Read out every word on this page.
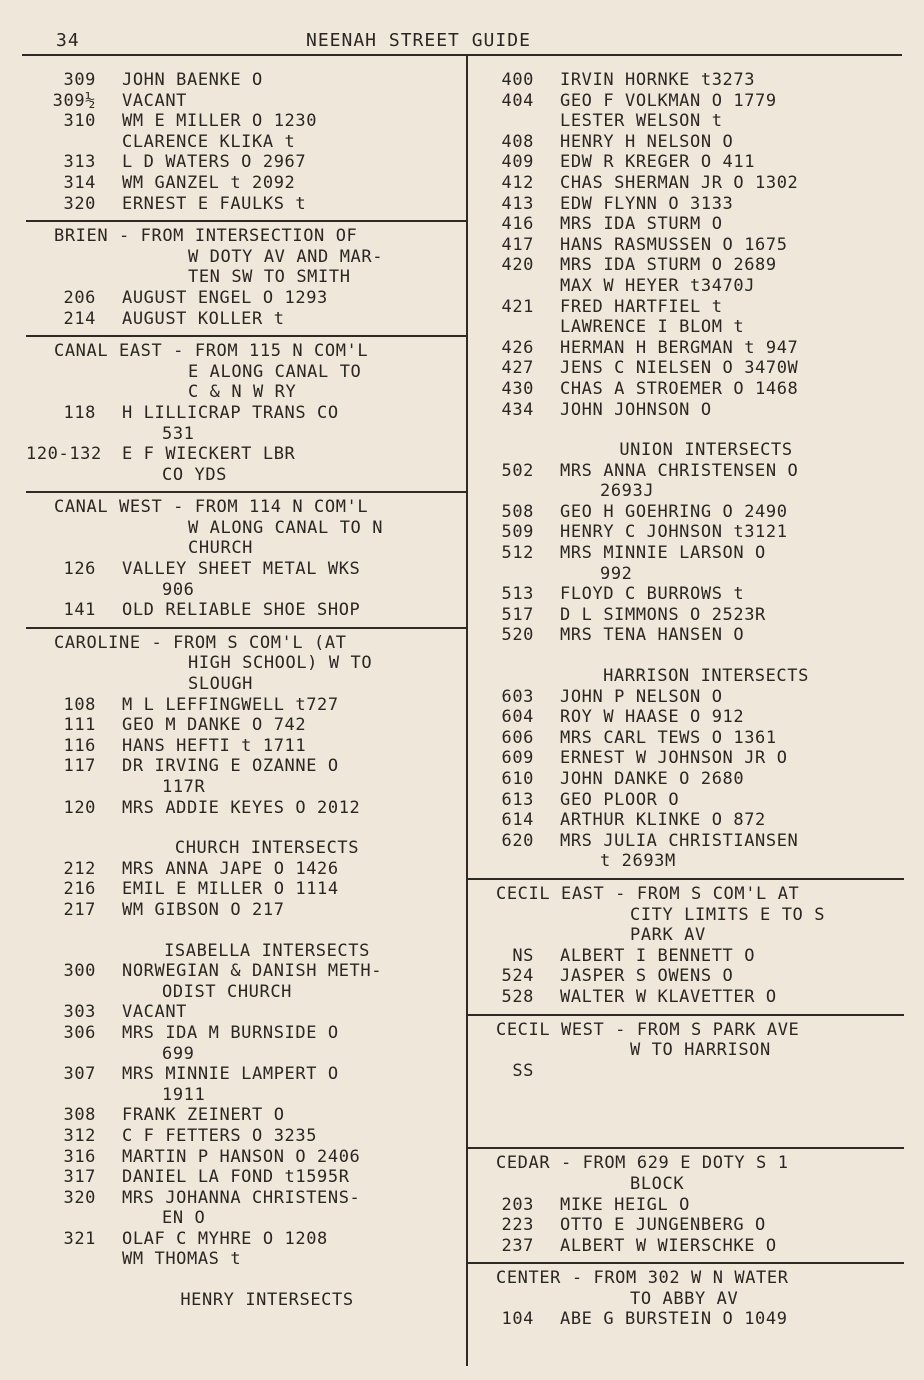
34	NEENAH STREET GUIDE
309	JOHN BAENKE O
309½	VACANT
310	WM E MILLER O 1230
CLARENCE KLIKA t
313	L D WATERS O 2967
314	WM GANZEL t 2092
320	ERNEST E FAULKS t
BRIEN - FROM INTERSECTION OF
W DOTY AV AND MAR-
TEN SW TO SMITH
206	AUGUST ENGEL O 1293
214	AUGUST KOLLER t
CANAL EAST - FROM 115 N COM'L
E ALONG CANAL TO
C & N W RY
118	H LILLICRAP TRANS CO
531
120-132	E F WIECKERT LBR
CO YDS
CANAL WEST - FROM 114 N COM'L
W ALONG CANAL TO N
CHURCH
126	VALLEY SHEET METAL WKS
906
141	OLD RELIABLE SHOE SHOP
CAROLINE - FROM S COM'L (AT
HIGH SCHOOL) W TO
SLOUGH
108	M L LEFFINGWELL t727
111	GEO M DANKE O 742
116	HANS HEFTI t 1711
117	DR IRVING E OZANNE O
117R
120	MRS ADDIE KEYES O 2012
CHURCH INTERSECTS
212	MRS ANNA JAPE O 1426
216	EMIL E MILLER O 1114
217	WM GIBSON O 217
ISABELLA INTERSECTS
300	NORWEGIAN & DANISH METH-
ODIST CHURCH
303	VACANT
306	MRS IDA M BURNSIDE O
699
307	MRS MINNIE LAMPERT O
1911
308	FRANK ZEINERT O
312	C F FETTERS O 3235
316	MARTIN P HANSON O 2406
317	DANIEL LA FOND t1595R
320	MRS JOHANNA CHRISTENS-
EN O
321	OLAF C MYHRE O 1208
WM THOMAS t
HENRY INTERSECTS
400	IRVIN HORNKE t3273
404	GEO F VOLKMAN O 1779
LESTER WELSON t
408	HENRY H NELSON O
409	EDW R KREGER O 411
412	CHAS SHERMAN JR O 1302
413	EDW FLYNN O 3133
416	MRS IDA STURM O
417	HANS RASMUSSEN O 1675
420	MRS IDA STURM O 2689
MAX W HEYER t3470J
421	FRED HARTFIEL t
LAWRENCE I BLOM t
426	HERMAN H BERGMAN t 947
427	JENS C NIELSEN O 3470W
430	CHAS A STROEMER O 1468
434	JOHN JOHNSON O
UNION INTERSECTS
502	MRS ANNA CHRISTENSEN O
2693J
508	GEO H GOEHRING O 2490
509	HENRY C JOHNSON t3121
512	MRS MINNIE LARSON O
992
513	FLOYD C BURROWS t
517	D L SIMMONS O 2523R
520	MRS TENA HANSEN O
HARRISON INTERSECTS
603	JOHN P NELSON O
604	ROY W HAASE O 912
606	MRS CARL TEWS O 1361
609	ERNEST W JOHNSON JR O
610	JOHN DANKE O 2680
613	GEO PLOOR O
614	ARTHUR KLINKE O 872
620	MRS JULIA CHRISTIANSEN
t 2693M
CECIL EAST - FROM S COM'L AT
CITY LIMITS E TO S
PARK AV
NS	ALBERT I BENNETT O
524	JASPER S OWENS O
528	WALTER W KLAVETTER O
CECIL WEST - FROM S PARK AVE
W TO HARRISON
SS
CEDAR - FROM 629 E DOTY S 1
BLOCK
203	MIKE HEIGL O
223	OTTO E JUNGENBERG O
237	ALBERT W WIERSCHKE O
CENTER - FROM 302 W N WATER
TO ABBY AV
104	ABE G BURSTEIN O 1049
